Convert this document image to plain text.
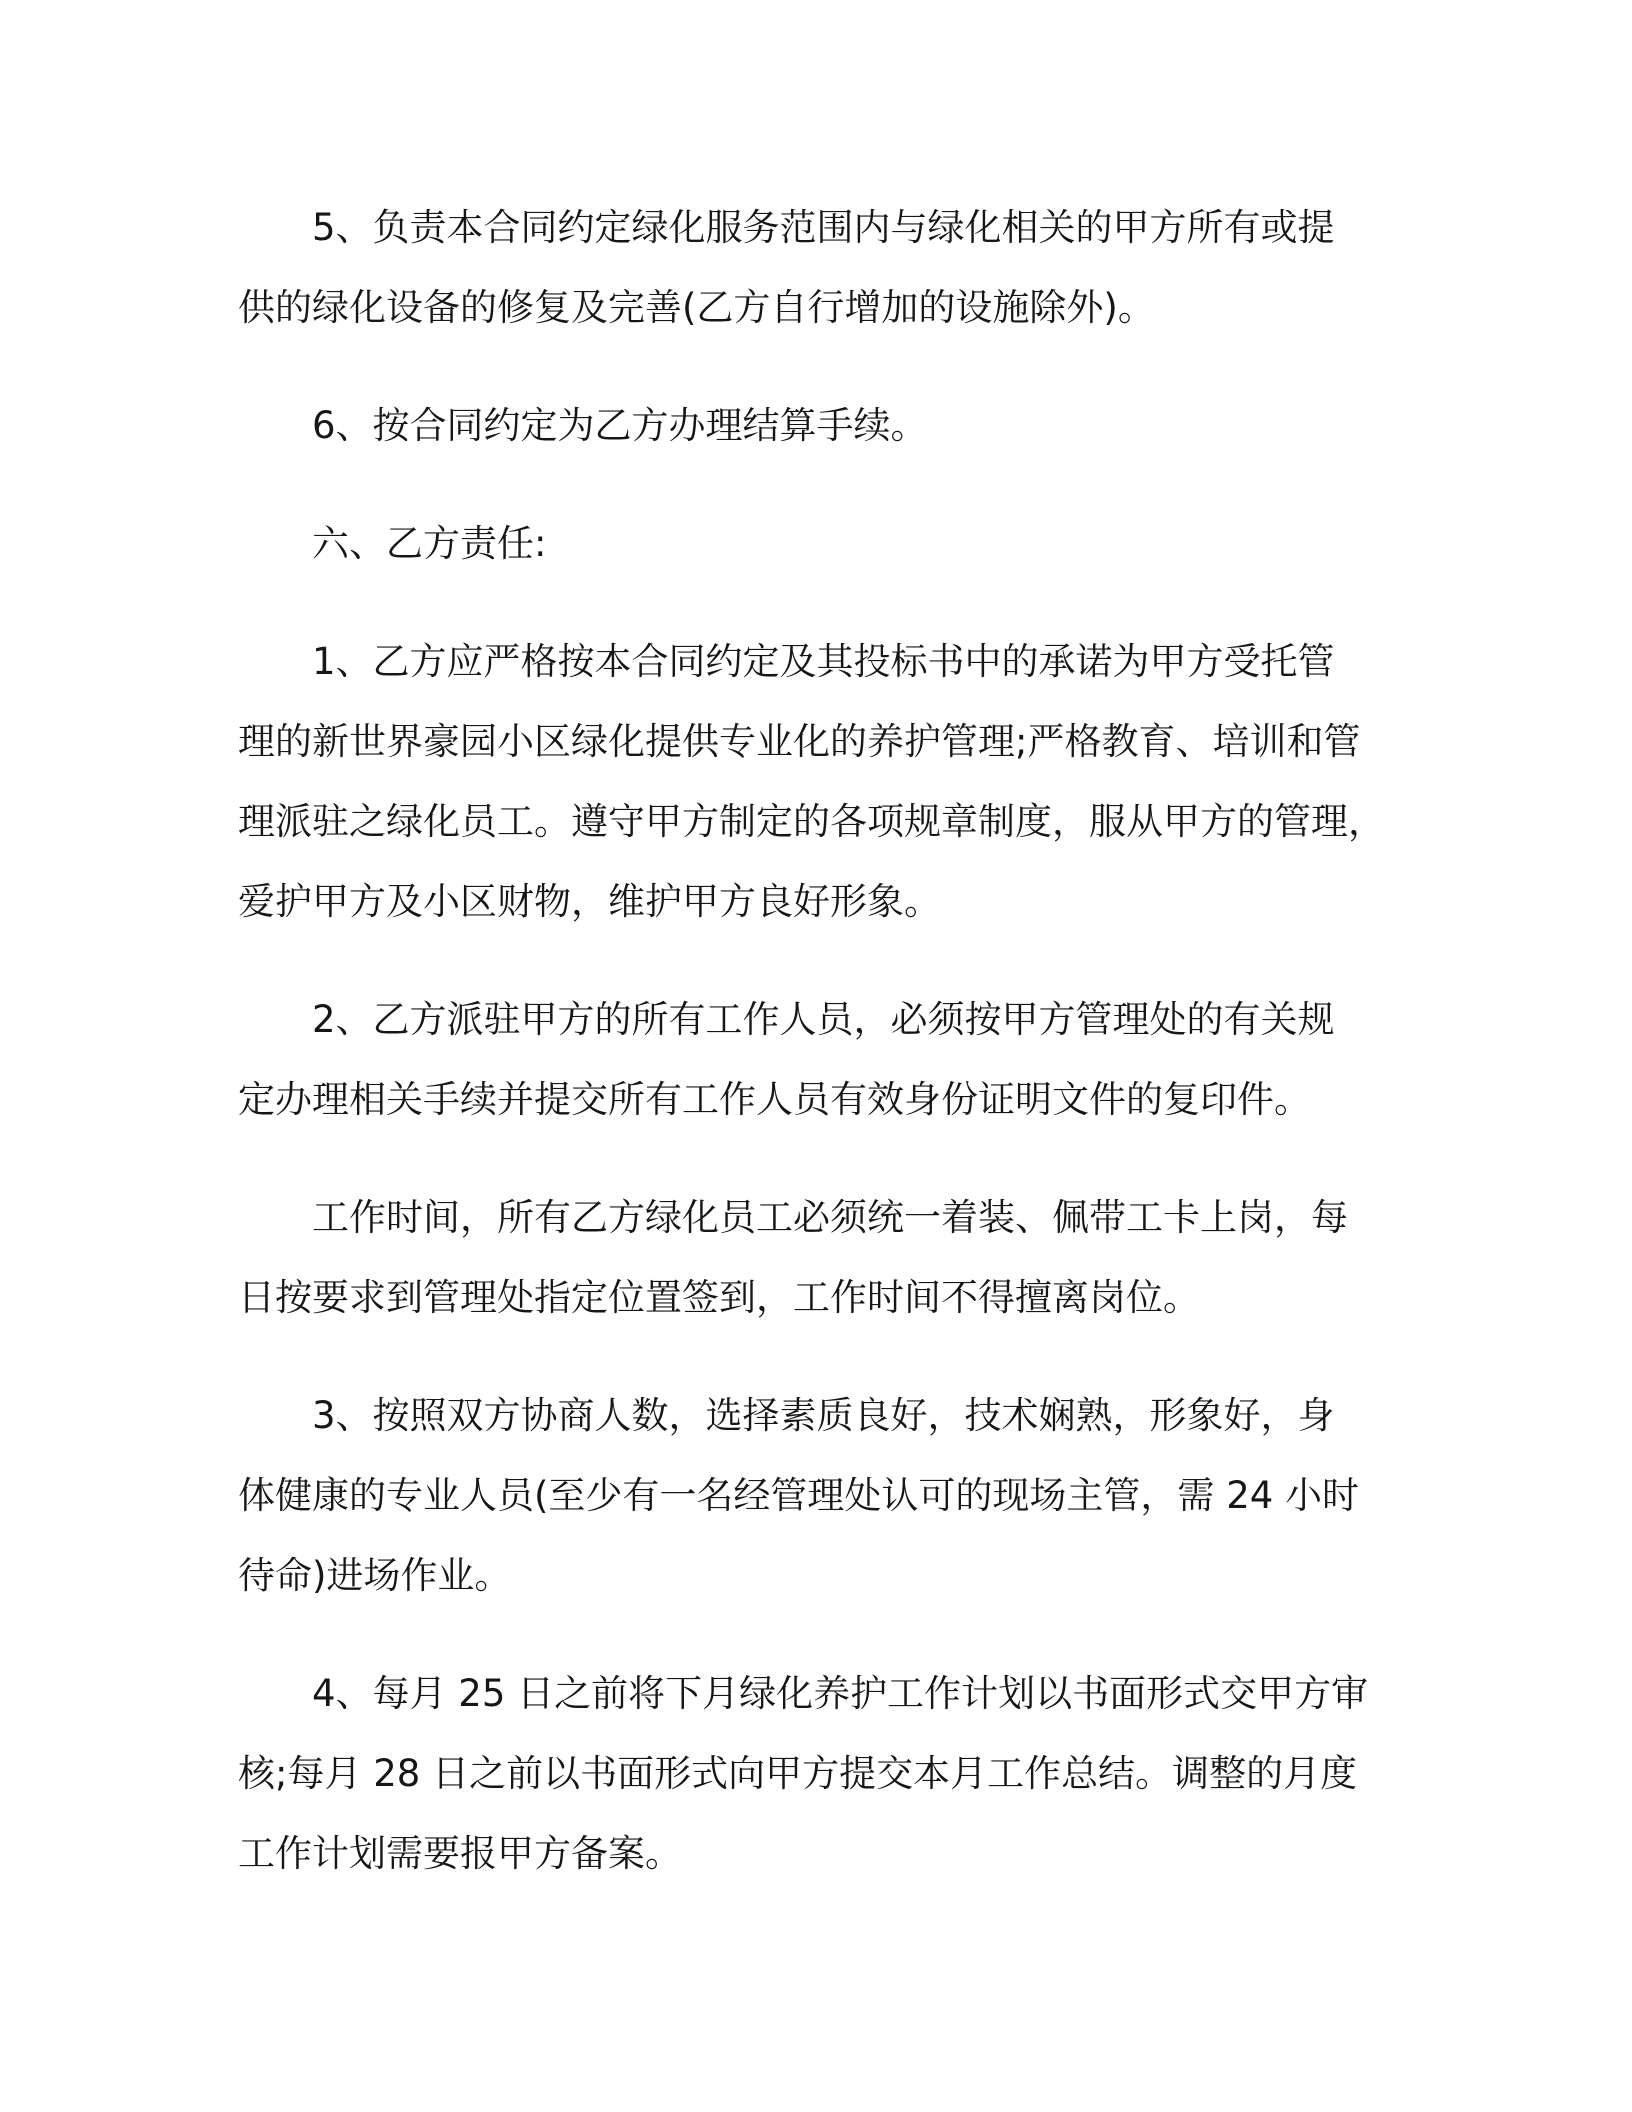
5、负责本合同约定绿化服务范围内与绿化相关的甲方所有或提
供的绿化设备的修复及完善(乙方自行增加的设施除外)。

6、按合同约定为乙方办理结算手续。

六、乙方责任:

1、乙方应严格按本合同约定及其投标书中的承诺为甲方受托管
理的新世界豪园小区绿化提供专业化的养护管理;严格教育、培训和管
理派驻之绿化员工。遵守甲方制定的各项规章制度，服从甲方的管理，
爱护甲方及小区财物，维护甲方良好形象。

2、乙方派驻甲方的所有工作人员，必须按甲方管理处的有关规
定办理相关手续并提交所有工作人员有效身份证明文件的复印件。

工作时间，所有乙方绿化员工必须统一着装、佩带工卡上岗，每
日按要求到管理处指定位置签到，工作时间不得擅离岗位。

3、按照双方协商人数，选择素质良好，技术娴熟，形象好，身
体健康的专业人员(至少有一名经管理处认可的现场主管，需 24 小时
待命)进场作业。

4、每月 25 日之前将下月绿化养护工作计划以书面形式交甲方审
核;每月 28 日之前以书面形式向甲方提交本月工作总结。调整的月度
工作计划需要报甲方备案。
